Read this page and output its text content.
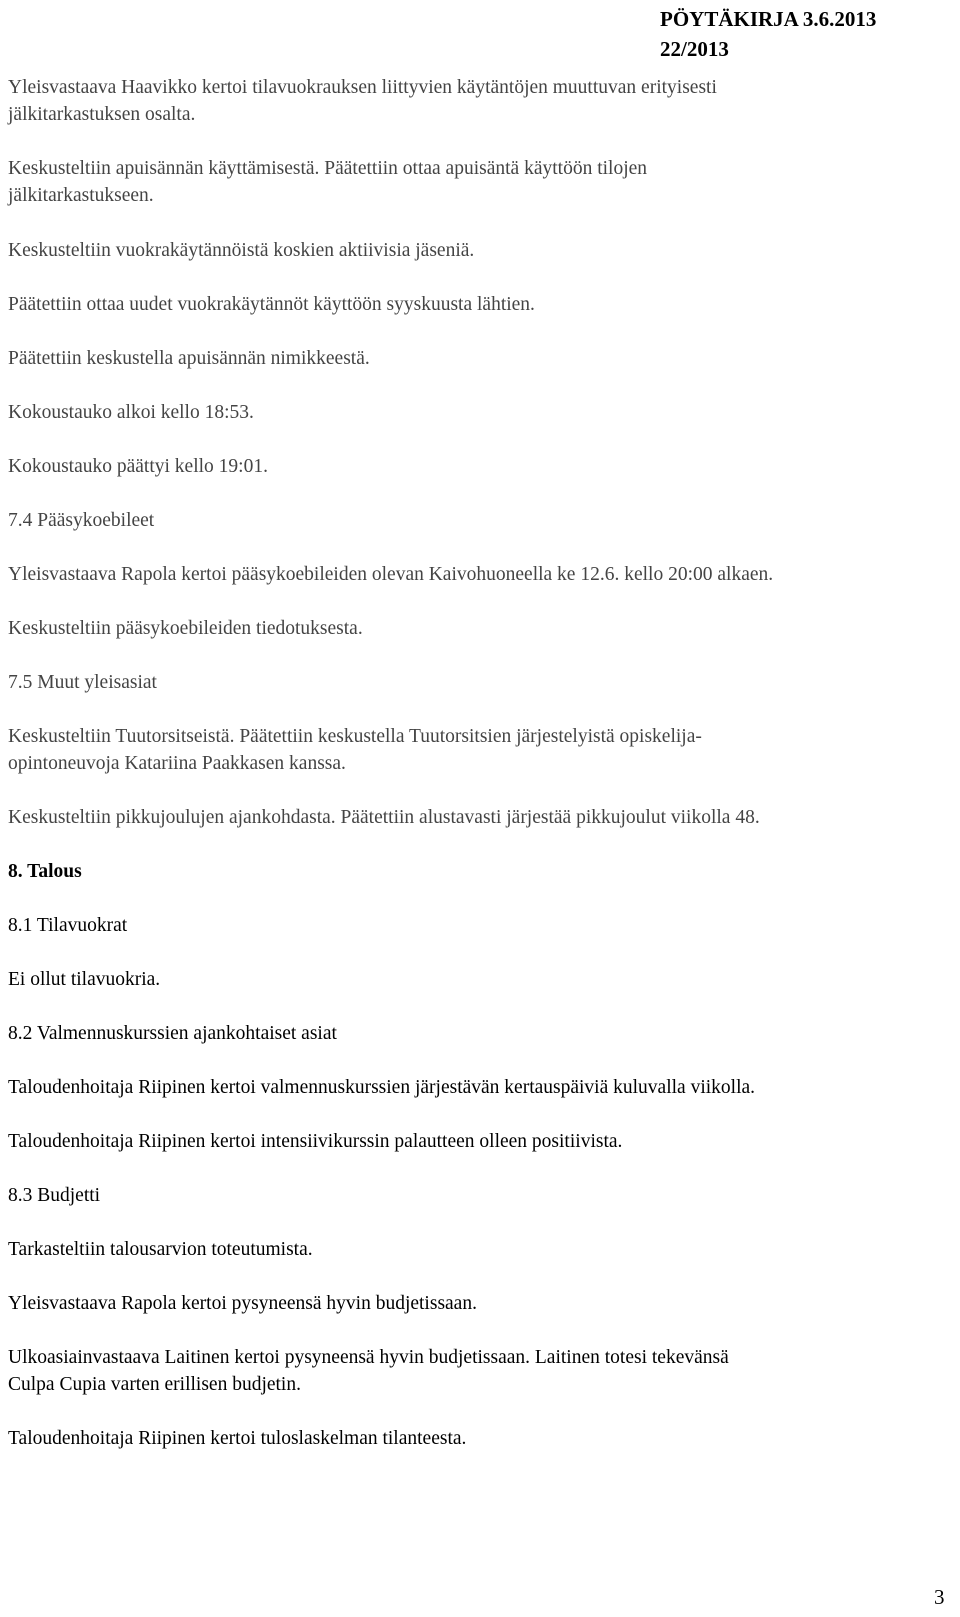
PÖYTÄKIRJA 3.6.2013
22/2013
Yleisvastaava Haavikko kertoi tilavuokrauksen liittyvien käytäntöjen muuttuvan erityisesti
jälkitarkastuksen osalta.
Keskusteltiin apuisännän käyttämisestä. Päätettiin ottaa apuisäntä käyttöön tilojen
jälkitarkastukseen.
Keskusteltiin vuokrakäytännöistä koskien aktiivisia jäseniä.
Päätettiin ottaa uudet vuokrakäytännöt käyttöön syyskuusta lähtien.
Päätettiin keskustella apuisännän nimikkeestä.
Kokoustauko alkoi kello 18:53.
Kokoustauko päättyi kello 19:01.
7.4 Pääsykoebileet
Yleisvastaava Rapola kertoi pääsykoebileiden olevan Kaivohuoneella ke 12.6. kello 20:00 alkaen.
Keskusteltiin pääsykoebileiden tiedotuksesta.
7.5 Muut yleisasiat
Keskusteltiin Tuutorsitseistä. Päätettiin keskustella Tuutorsitsien järjestelyistä opiskelija-
opintoneuvoja Katariina Paakkasen kanssa.
Keskusteltiin pikkujoulujen ajankohdasta. Päätettiin alustavasti järjestää pikkujoulut viikolla 48.
8. Talous
8.1 Tilavuokrat
Ei ollut tilavuokria.
8.2 Valmennuskurssien ajankohtaiset asiat
Taloudenhoitaja Riipinen kertoi valmennuskurssien järjestävän kertauspäiviä kuluvalla viikolla.
Taloudenhoitaja Riipinen kertoi intensiivikurssin palautteen olleen positiivista.
8.3 Budjetti
Tarkasteltiin talousarvion toteutumista.
Yleisvastaava Rapola kertoi pysyneensä hyvin budjetissaan.
Ulkoasiainvastaava Laitinen kertoi pysyneensä hyvin budjetissaan. Laitinen totesi tekevänsä
Culpa Cupia varten erillisen budjetin.
Taloudenhoitaja Riipinen kertoi tuloslaskelman tilanteesta.
3
